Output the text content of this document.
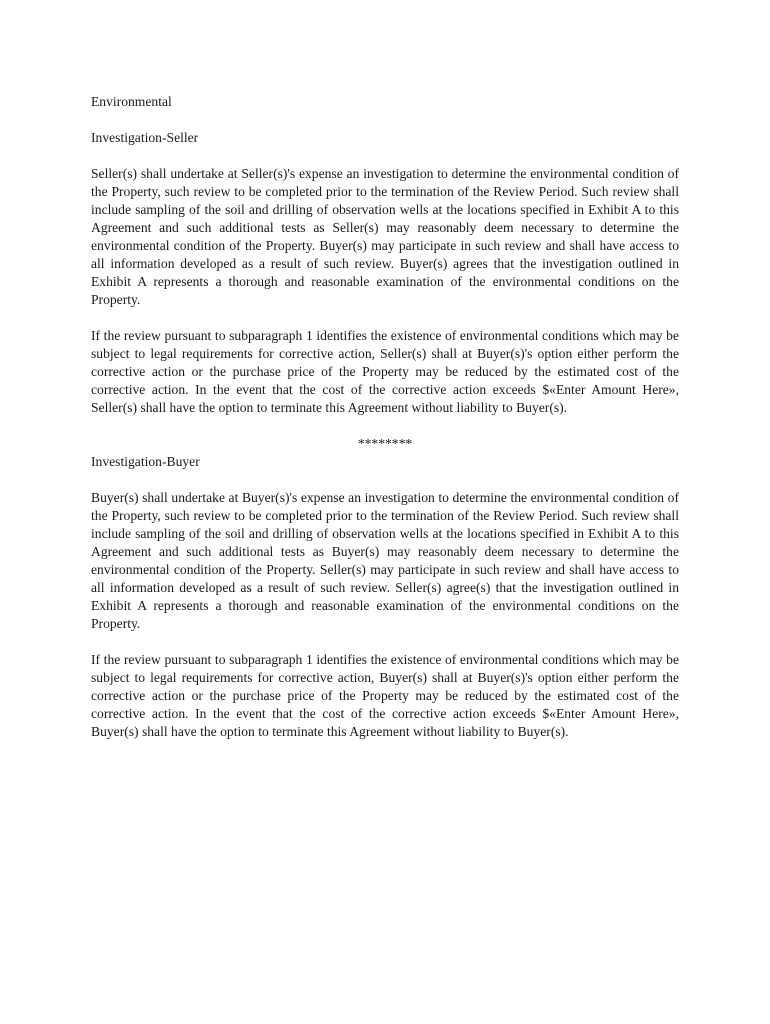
Environmental

Investigation-Seller

Seller(s) shall undertake at Seller(s)'s expense an investigation to determine the environmental condition of the Property, such review to be completed prior to the termination of the Review Period. Such review shall include sampling of the soil and drilling of observation wells at the locations specified in Exhibit A to this Agreement and such additional tests as Seller(s) may reasonably deem necessary to determine the environmental condition of the Property. Buyer(s) may participate in such review and shall have access to all information developed as a result of such review. Buyer(s) agrees that the investigation outlined in Exhibit A represents a thorough and reasonable examination of the environmental conditions on the Property.

If the review pursuant to subparagraph 1 identifies the existence of environmental conditions which may be subject to legal requirements for corrective action, Seller(s) shall at Buyer(s)'s option either perform the corrective action or the purchase price of the Property may be reduced by the estimated cost of the corrective action. In the event that the cost of the corrective action exceeds $«Enter Amount Here», Seller(s) shall have the option to terminate this Agreement without liability to Buyer(s).

********

Investigation-Buyer

Buyer(s) shall undertake at Buyer(s)'s expense an investigation to determine the environmental condition of the Property, such review to be completed prior to the termination of the Review Period. Such review shall include sampling of the soil and drilling of observation wells at the locations specified in Exhibit A to this Agreement and such additional tests as Buyer(s) may reasonably deem necessary to determine the environmental condition of the Property. Seller(s) may participate in such review and shall have access to all information developed as a result of such review. Seller(s) agree(s) that the investigation outlined in Exhibit A represents a thorough and reasonable examination of the environmental conditions on the Property.

If the review pursuant to subparagraph 1 identifies the existence of environmental conditions which may be subject to legal requirements for corrective action, Buyer(s) shall at Buyer(s)'s option either perform the corrective action or the purchase price of the Property may be reduced by the estimated cost of the corrective action. In the event that the cost of the corrective action exceeds $«Enter Amount Here», Buyer(s) shall have the option to terminate this Agreement without liability to Buyer(s).
